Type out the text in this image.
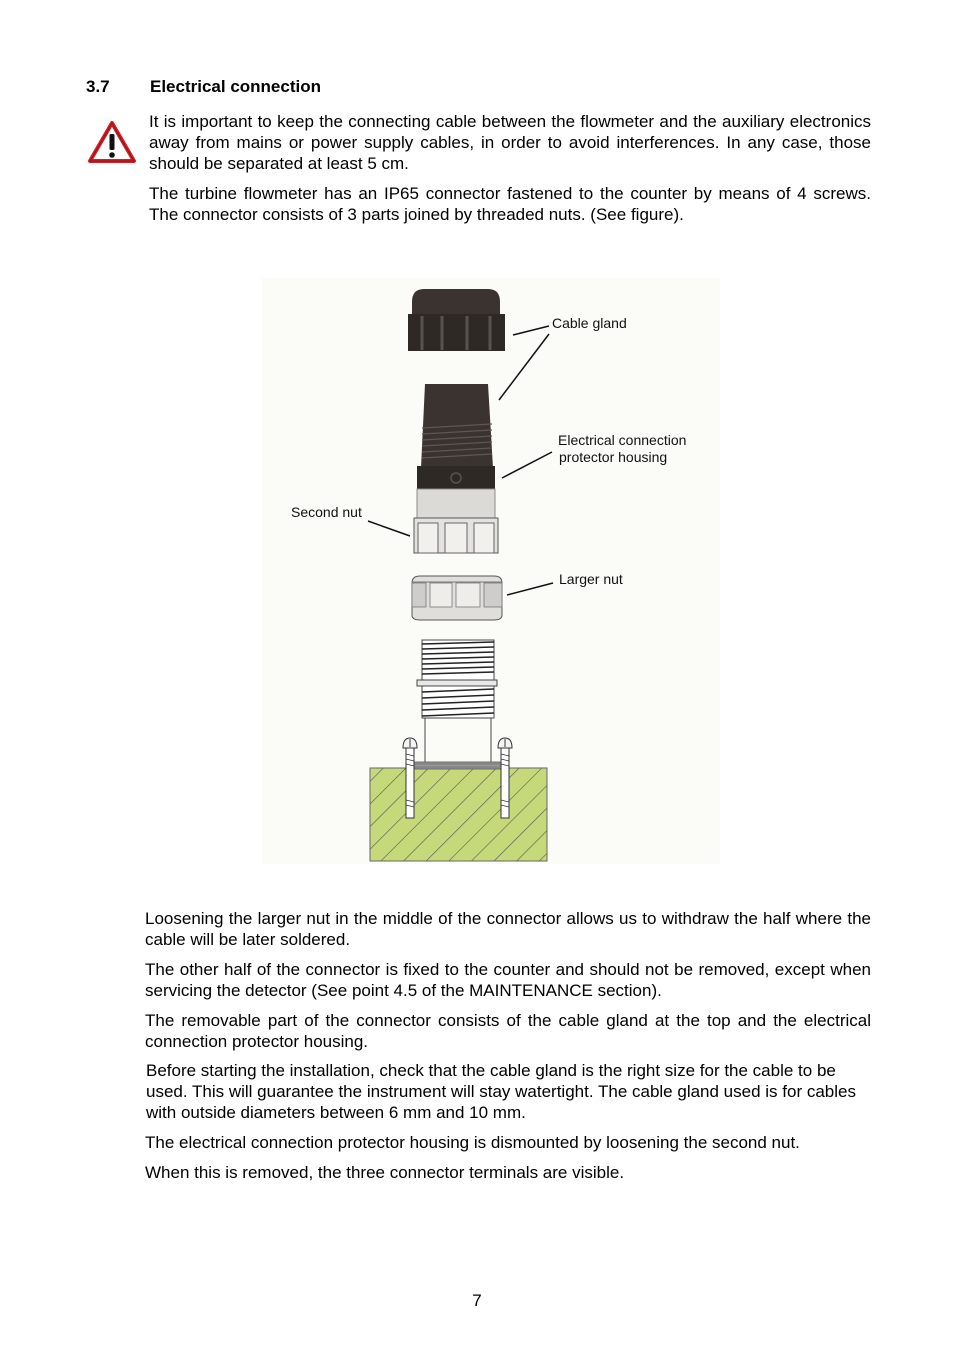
3.7 Electrical connection
It is important to keep the connecting cable between the flowmeter and the auxiliary electronics away from mains or power supply cables, in order to avoid interferences. In any case, those should be separated at least 5 cm.
The turbine flowmeter has an IP65 connector fastened to the counter by means of 4 screws. The connector consists of 3 parts joined by threaded nuts. (See figure).
Cable gland
Electrical connection
protector housing
Second nut
Larger nut
Loosening the larger nut in the middle of the connector allows us to withdraw the half where the cable will be later soldered.
The other half of the connector is fixed to the counter and should not be removed, except when servicing the detector (See point 4.5 of the MAINTENANCE section).
The removable part of the connector consists of the cable gland at the top and the electrical connection protector housing.
Before starting the installation, check that the cable gland is the right size for the cable to be used. This will guarantee the instrument will stay watertight. The cable gland used is for cables with outside diameters between 6 mm and 10 mm.
The electrical connection protector housing is dismounted by loosening the second nut.
When this is removed, the three connector terminals are visible.
7
